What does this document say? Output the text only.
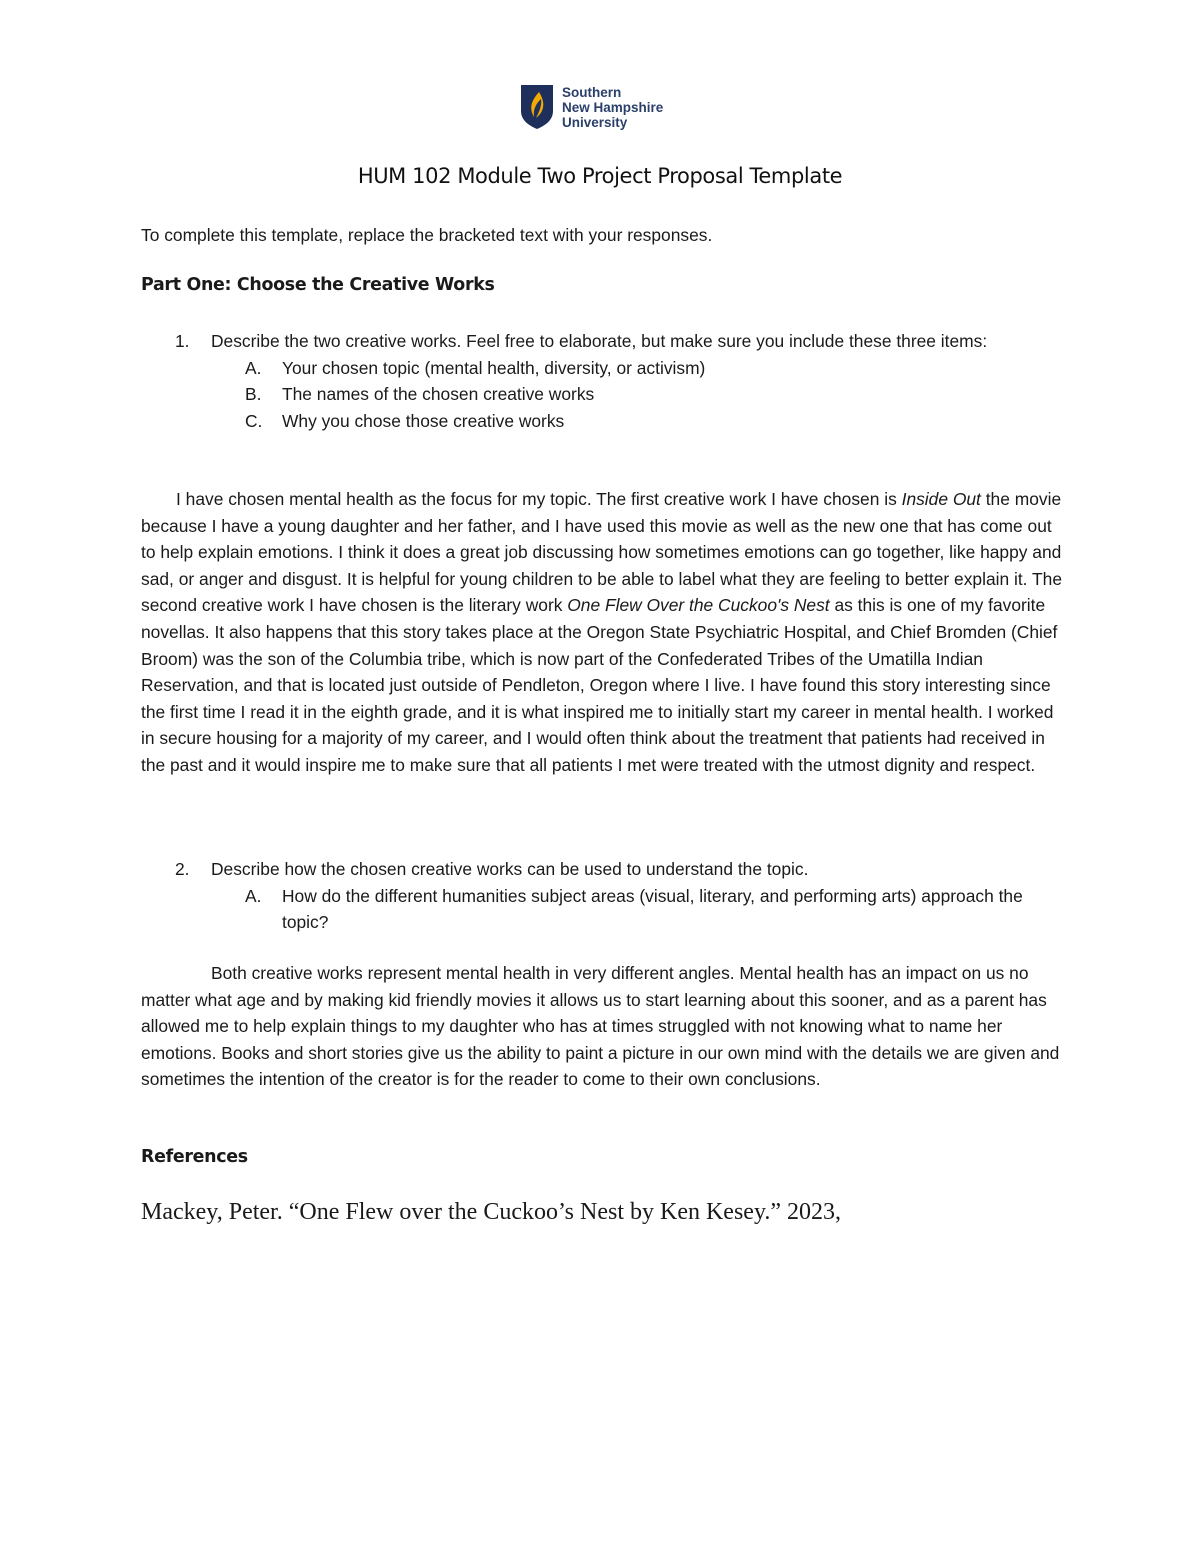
Southern
New Hampshire
University
HUM 102 Module Two Project Proposal Template
To complete this template, replace the bracketed text with your responses.
Part One: Choose the Creative Works
1. Describe the two creative works. Feel free to elaborate, but make sure you include these three items:
A. Your chosen topic (mental health, diversity, or activism)
B. The names of the chosen creative works
C. Why you chose those creative works
I have chosen mental health as the focus for my topic. The first creative work I have chosen is Inside Out the movie because I have a young daughter and her father, and I have used this movie as well as the new one that has come out to help explain emotions. I think it does a great job discussing how sometimes emotions can go together, like happy and sad, or anger and disgust. It is helpful for young children to be able to label what they are feeling to better explain it. The second creative work I have chosen is the literary work One Flew Over the Cuckoo's Nest as this is one of my favorite novellas. It also happens that this story takes place at the Oregon State Psychiatric Hospital, and Chief Bromden (Chief Broom) was the son of the Columbia tribe, which is now part of the Confederated Tribes of the Umatilla Indian Reservation, and that is located just outside of Pendleton, Oregon where I live. I have found this story interesting since the first time I read it in the eighth grade, and it is what inspired me to initially start my career in mental health. I worked in secure housing for a majority of my career, and I would often think about the treatment that patients had received in the past and it would inspire me to make sure that all patients I met were treated with the utmost dignity and respect.
2. Describe how the chosen creative works can be used to understand the topic.
A. How do the different humanities subject areas (visual, literary, and performing arts) approach the topic?
Both creative works represent mental health in very different angles. Mental health has an impact on us no matter what age and by making kid friendly movies it allows us to start learning about this sooner, and as a parent has allowed me to help explain things to my daughter who has at times struggled with not knowing what to name her emotions. Books and short stories give us the ability to paint a picture in our own mind with the details we are given and sometimes the intention of the creator is for the reader to come to their own conclusions.
References
Mackey, Peter. “One Flew over the Cuckoo’s Nest by Ken Kesey.” 2023,
